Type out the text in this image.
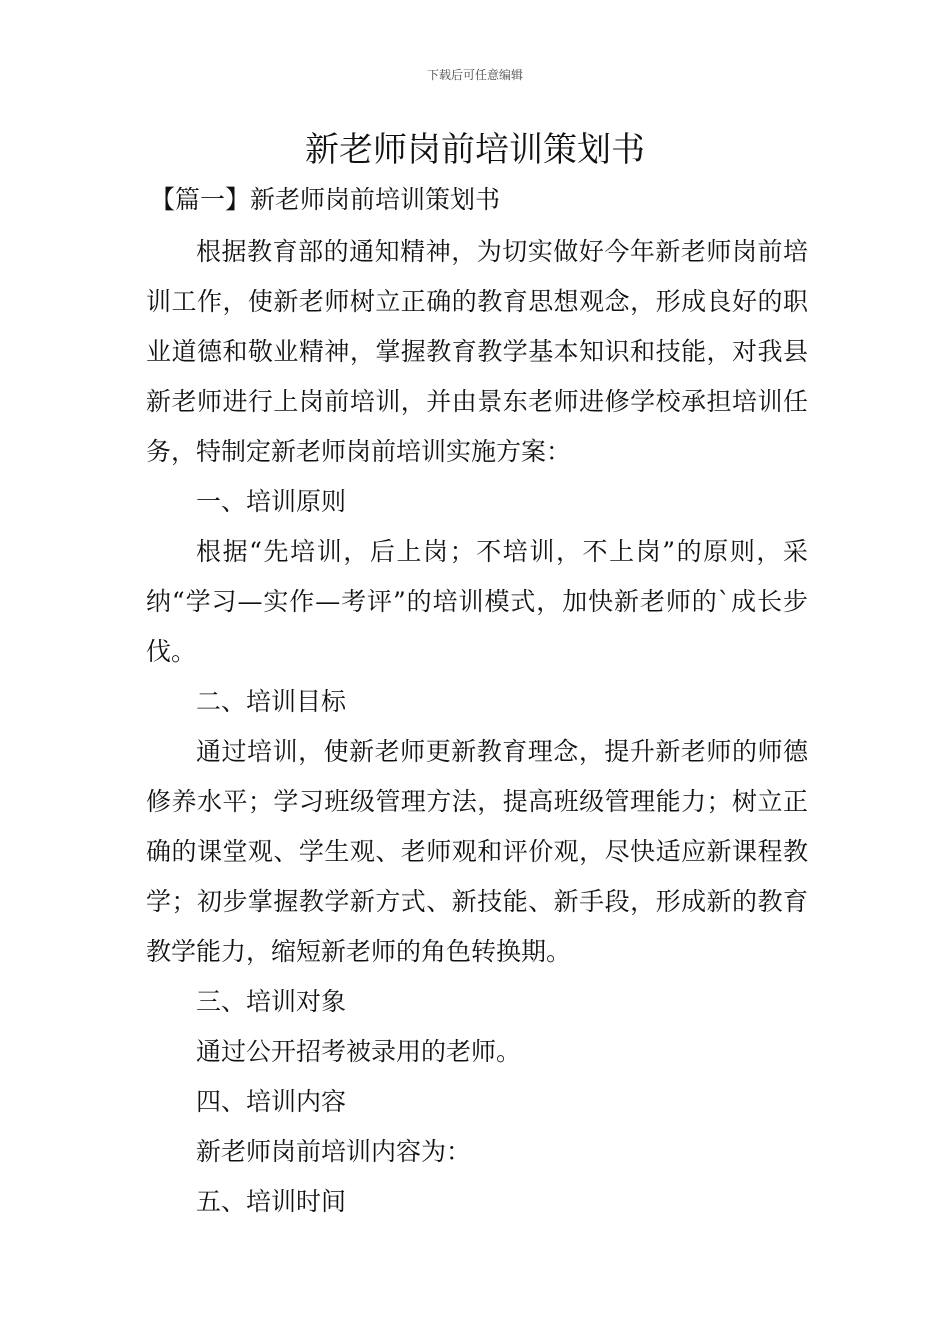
下载后可任意编辑
新老师岗前培训策划书
【篇一】新老师岗前培训策划书

根据教育部的通知精神，为切实做好今年新老师岗前培训工作，使新老师树立正确的教育思想观念，形成良好的职业道德和敬业精神，掌握教育教学基本知识和技能，对我县新老师进行上岗前培训，并由景东老师进修学校承担培训任务，特制定新老师岗前培训实施方案：

一、培训原则

根据“先培训，后上岗；不培训，不上岗”的原则，采纳“学习—实作—考评”的培训模式，加快新老师的`成长步伐。

二、培训目标

通过培训，使新老师更新教育理念，提升新老师的师德修养水平；学习班级管理方法，提高班级管理能力；树立正确的课堂观、学生观、老师观和评价观，尽快适应新课程教学；初步掌握教学新方式、新技能、新手段，形成新的教育教学能力，缩短新老师的角色转换期。

三、培训对象

通过公开招考被录用的老师。

四、培训内容

新老师岗前培训内容为：

五、培训时间
